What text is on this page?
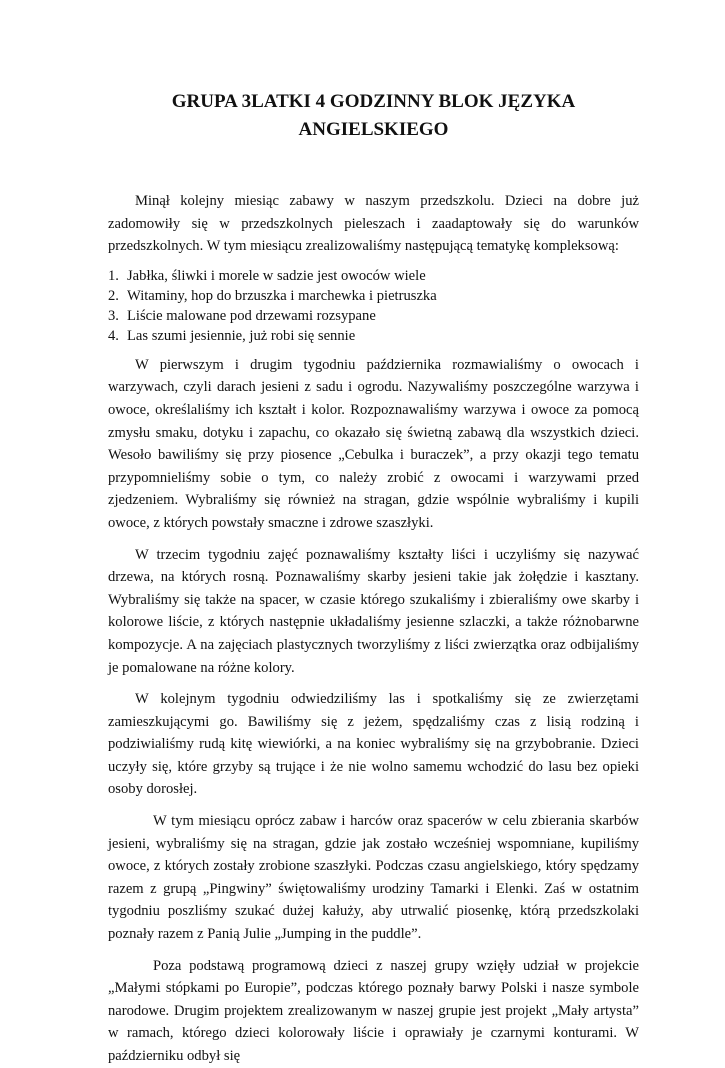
GRUPA 3LATKI 4 GODZINNY BLOK JĘZYKA
ANGIELSKIEGO

Minął kolejny miesiąc zabawy w naszym przedszkolu. Dzieci na dobre już zadomowiły się w przedszkolnych pieleszach i zaadaptowały się do warunków przedszkolnych. W tym miesiącu zrealizowaliśmy następującą tematykę kompleksową:

1. Jabłka, śliwki i morele w sadzie jest owoców wiele
2. Witaminy, hop do brzuszka i marchewka i pietruszka
3. Liście malowane pod drzewami rozsypane
4. Las szumi jesiennie, już robi się sennie

W pierwszym i drugim tygodniu października rozmawialiśmy o owocach i warzywach, czyli darach jesieni z sadu i ogrodu. Nazywaliśmy poszczególne warzywa i owoce, określaliśmy ich kształt i kolor. Rozpoznawaliśmy warzywa i owoce za pomocą zmysłu smaku, dotyku i zapachu, co okazało się świetną zabawą dla wszystkich dzieci. Wesoło bawiliśmy się przy piosence „Cebulka i buraczek”, a przy okazji tego tematu przypomnieliśmy sobie o tym, co należy zrobić z owocami i warzywami przed zjedzeniem. Wybraliśmy się również na stragan, gdzie wspólnie wybraliśmy i kupili owoce, z których powstały smaczne i zdrowe szaszłyki.

W trzecim tygodniu zajęć poznawaliśmy kształty liści i uczyliśmy się nazywać drzewa, na których rosną. Poznawaliśmy skarby jesieni takie jak żołędzie i kasztany. Wybraliśmy się także na spacer, w czasie którego szukaliśmy i zbieraliśmy owe skarby i kolorowe liście, z których następnie układaliśmy jesienne szlaczki, a także różnobarwne kompozycje. A na zajęciach plastycznych tworzyliśmy z liści zwierzątka oraz odbijaliśmy je pomalowane na różne kolory.

W kolejnym tygodniu odwiedziliśmy las i spotkaliśmy się ze zwierzętami zamieszkującymi go. Bawiliśmy się z jeżem, spędzaliśmy czas z lisią rodziną i podziwialiśmy rudą kitę wiewiórki, a na koniec wybraliśmy się na grzybobranie. Dzieci uczyły się, które grzyby są trujące i że nie wolno samemu wchodzić do lasu bez opieki osoby dorosłej.

W tym miesiącu oprócz zabaw i harców oraz spacerów w celu zbierania skarbów jesieni, wybraliśmy się na stragan, gdzie jak zostało wcześniej wspomniane, kupiliśmy owoce, z których zostały zrobione szaszłyki. Podczas czasu angielskiego, który spędzamy razem z grupą „Pingwiny” świętowaliśmy urodziny Tamarki i Elenki. Zaś w ostatnim tygodniu poszliśmy szukać dużej kałuży, aby utrwalić piosenkę, którą przedszkolaki poznały razem z Panią Julie „Jumping in the puddle”.

Poza podstawą programową dzieci z naszej grupy wzięły udział w projekcie „Małymi stópkami po Europie”, podczas którego poznały barwy Polski i nasze symbole narodowe. Drugim projektem zrealizowanym w naszej grupie jest projekt „Mały artysta” w ramach, którego dzieci kolorowały liście i oprawiały je czarnymi konturami. W październiku odbył się
